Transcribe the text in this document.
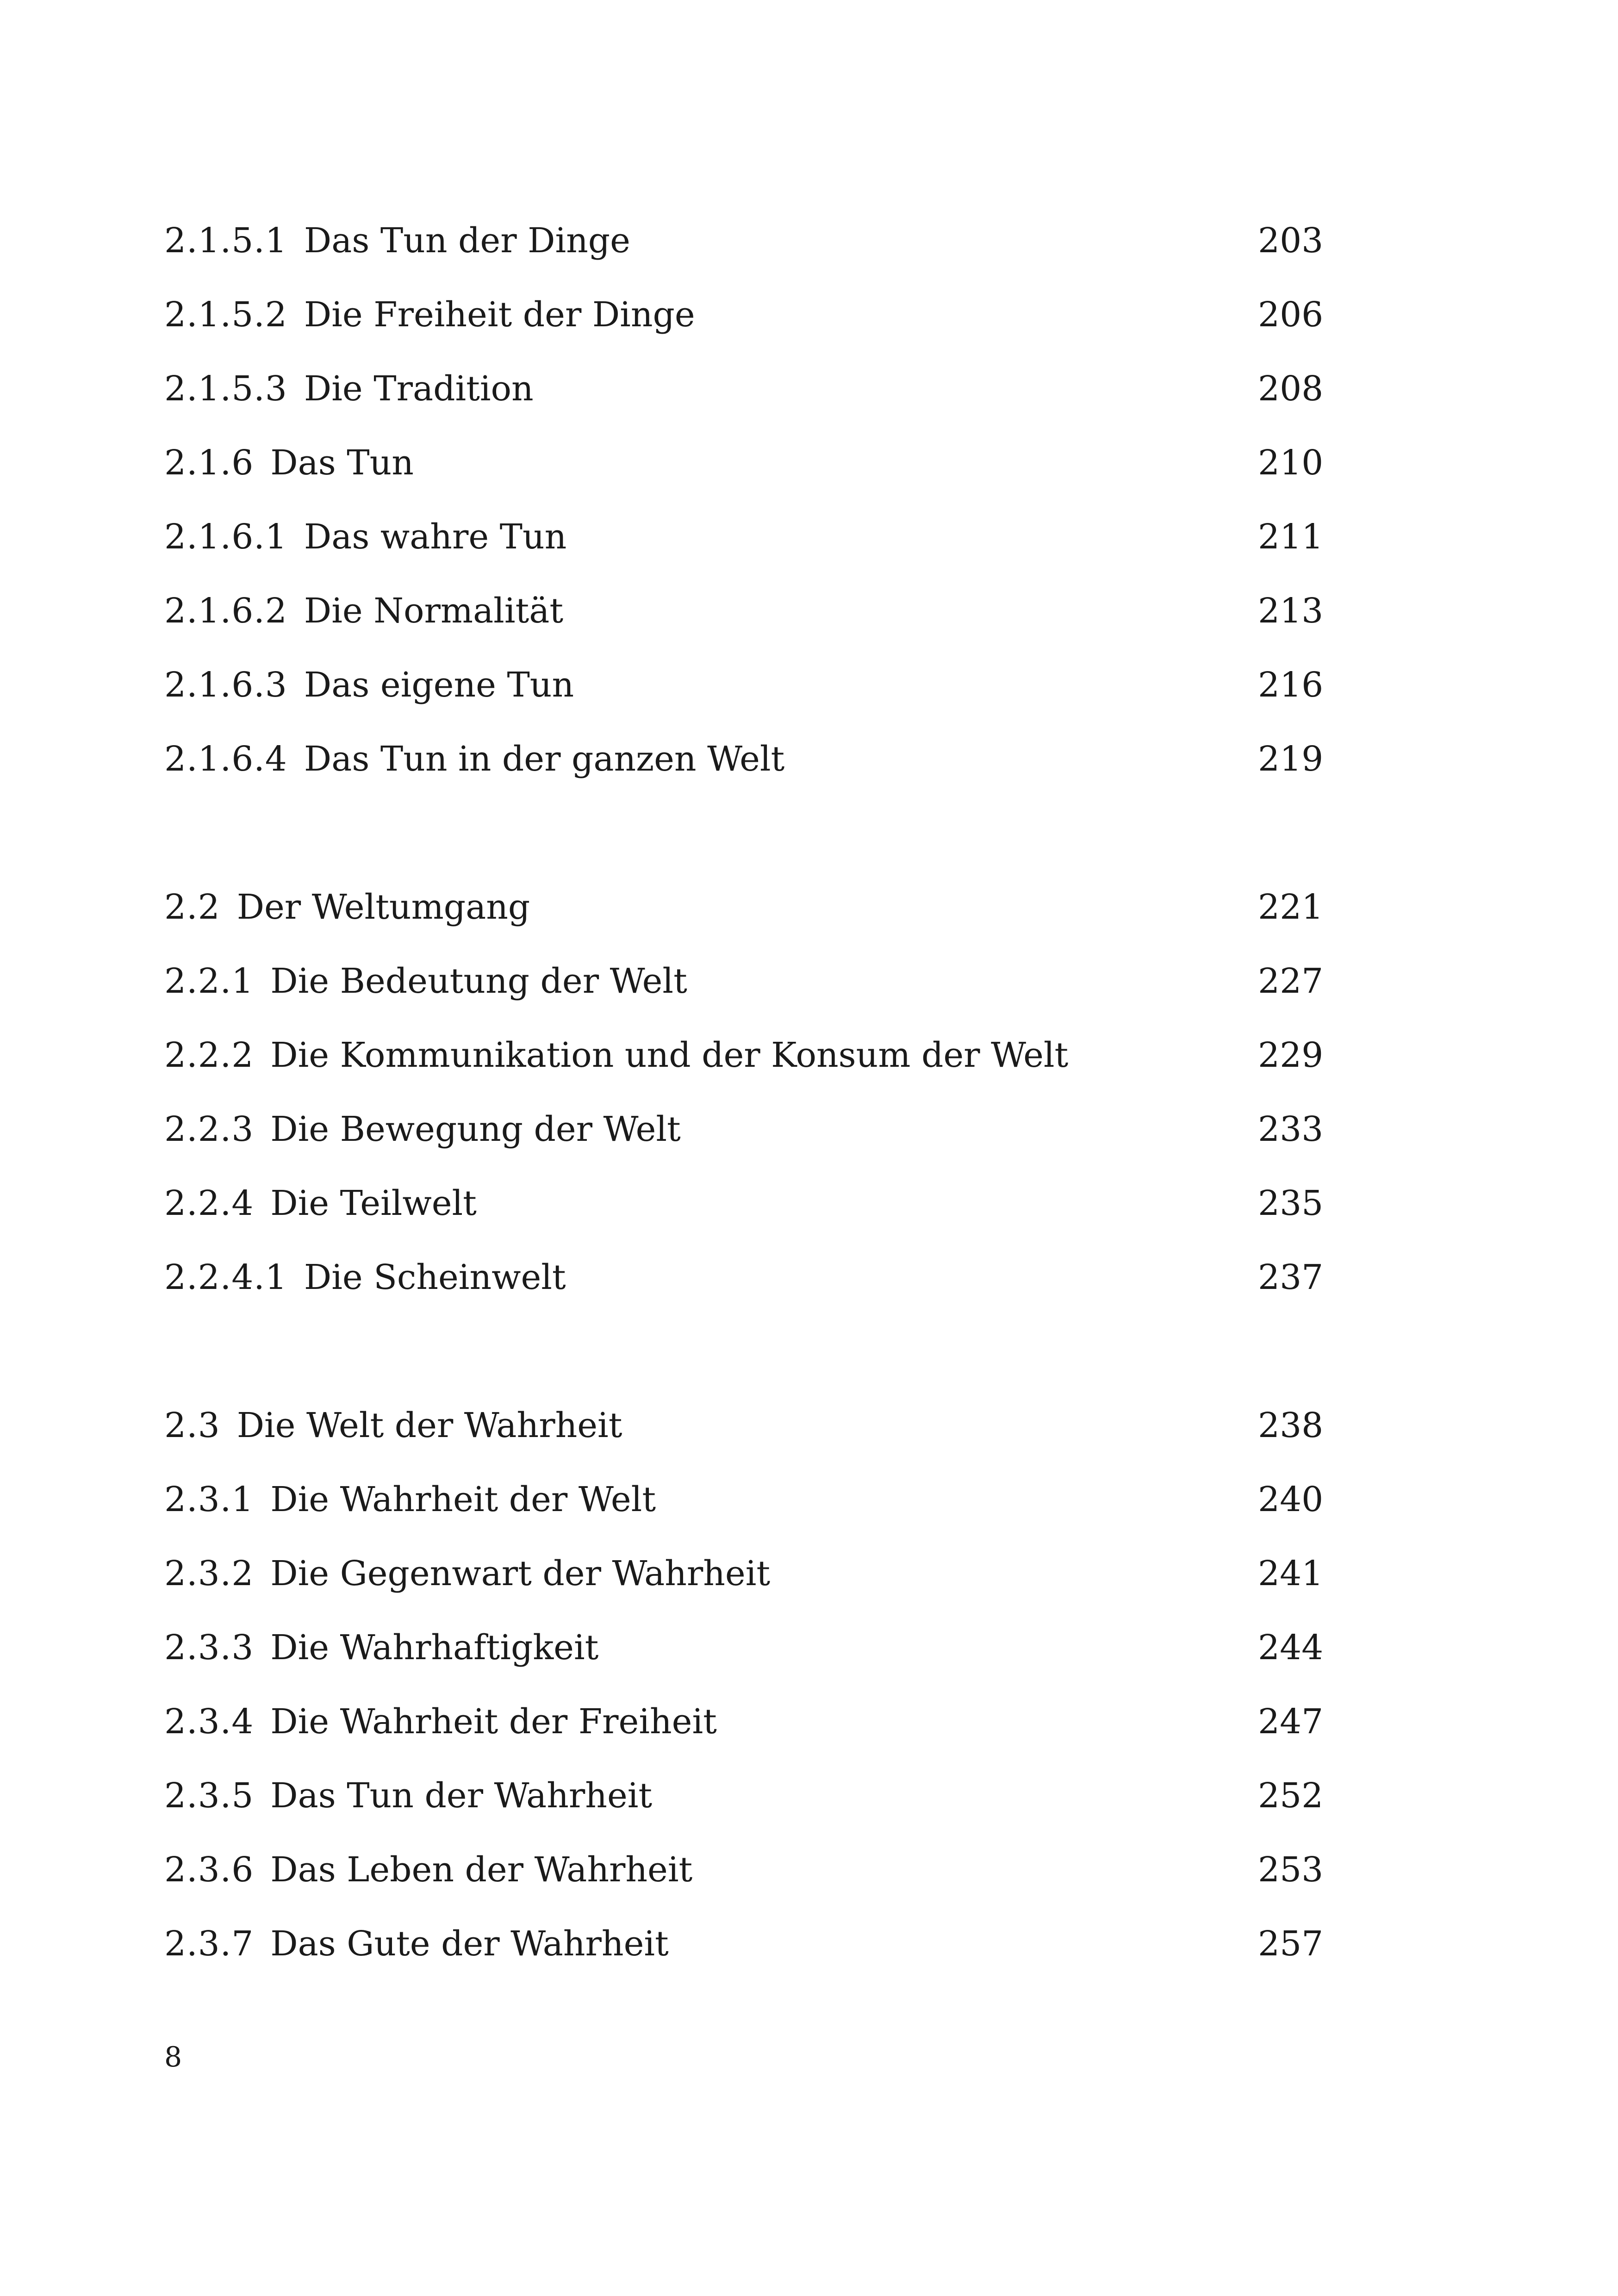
2.1.5.1 Das Tun der Dinge	203
2.1.5.2 Die Freiheit der Dinge	206
2.1.5.3 Die Tradition	208
2.1.6 Das Tun	210
2.1.6.1 Das wahre Tun	211
2.1.6.2 Die Normalität	213
2.1.6.3 Das eigene Tun	216
2.1.6.4 Das Tun in der ganzen Welt	219
2.2 Der Weltumgang	221
2.2.1 Die Bedeutung der Welt	227
2.2.2 Die Kommunikation und der Konsum der Welt	229
2.2.3 Die Bewegung der Welt	233
2.2.4 Die Teilwelt	235
2.2.4.1 Die Scheinwelt	237
2.3 Die Welt der Wahrheit	238
2.3.1 Die Wahrheit der Welt	240
2.3.2 Die Gegenwart der Wahrheit	241
2.3.3 Die Wahrhaftigkeit	244
2.3.4 Die Wahrheit der Freiheit	247
2.3.5 Das Tun der Wahrheit	252
2.3.6 Das Leben der Wahrheit	253
2.3.7 Das Gute der Wahrheit	257
8
